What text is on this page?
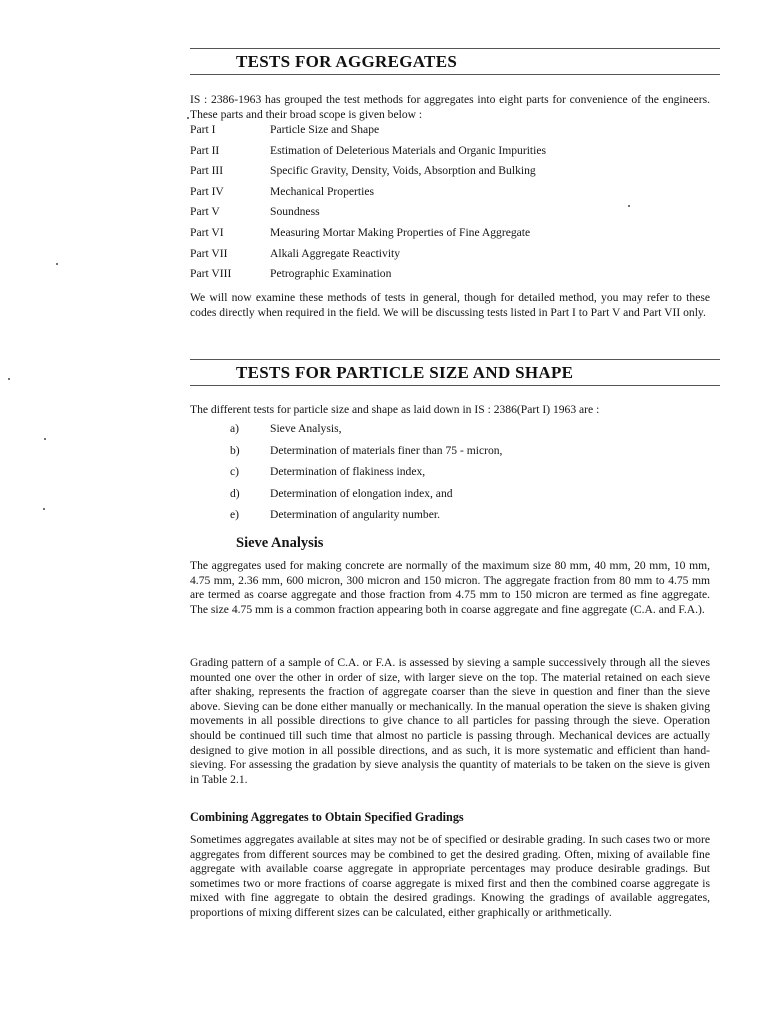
TESTS FOR AGGREGATES
IS : 2386-1963 has grouped the test methods for aggregates into eight parts for convenience of the engineers. These parts and their broad scope is given below :
Part I	Particle Size and Shape
Part II	Estimation of Deleterious Materials and Organic Impurities
Part III	Specific Gravity, Density, Voids, Absorption and Bulking
Part IV	Mechanical Properties
Part V	Soundness
Part VI	Measuring Mortar Making Properties of Fine Aggregate
Part VII	Alkali Aggregate Reactivity
Part VIII	Petrographic Examination
We will now examine these methods of tests in general, though for detailed method, you may refer to these codes directly when required in the field. We will be discussing tests listed in Part I to Part V and Part VII only.
TESTS FOR PARTICLE SIZE AND SHAPE
The different tests for particle size and shape as laid down in IS : 2386(Part I) 1963 are :
a)	Sieve Analysis,
b)	Determination of materials finer than 75 - micron,
c)	Determination of flakiness index,
d)	Determination of elongation index, and
e)	Determination of angularity number.
Sieve Analysis
The aggregates used for making concrete are normally of the maximum size 80 mm, 40 mm, 20 mm, 10 mm, 4.75 mm, 2.36 mm, 600 micron, 300 micron and 150 micron. The aggregate fraction from 80 mm to 4.75 mm are termed as coarse aggregate and those fraction from 4.75 mm to 150 micron are termed as fine aggregate. The size 4.75 mm is a common fraction appearing both in coarse aggregate and fine aggregate (C.A. and F.A.).
Grading pattern of a sample of C.A. or F.A. is assessed by sieving a sample successively through all the sieves mounted one over the other in order of size, with larger sieve on the top. The material retained on each sieve after shaking, represents the fraction of aggregate coarser than the sieve in question and finer than the sieve above. Sieving can be done either manually or mechanically. In the manual operation the sieve is shaken giving movements in all possible directions to give chance to all particles for passing through the sieve. Operation should be continued till such time that almost no particle is passing through. Mechanical devices are actually designed to give motion in all possible directions, and as such, it is more systematic and efficient than hand-sieving. For assessing the gradation by sieve analysis the quantity of materials to be taken on the sieve is given in Table 2.1.
Combining Aggregates to Obtain Specified Gradings
Sometimes aggregates available at sites may not be of specified or desirable grading. In such cases two or more aggregates from different sources may be combined to get the desired grading. Often, mixing of available fine aggregate with available coarse aggregate in appropriate percentages may produce desirable gradings. But sometimes two or more fractions of coarse aggregate is mixed first and then the combined coarse aggregate is mixed with fine aggregate to obtain the desired gradings. Knowing the gradings of available aggregates, proportions of mixing different sizes can be calculated, either graphically or arithmetically.
